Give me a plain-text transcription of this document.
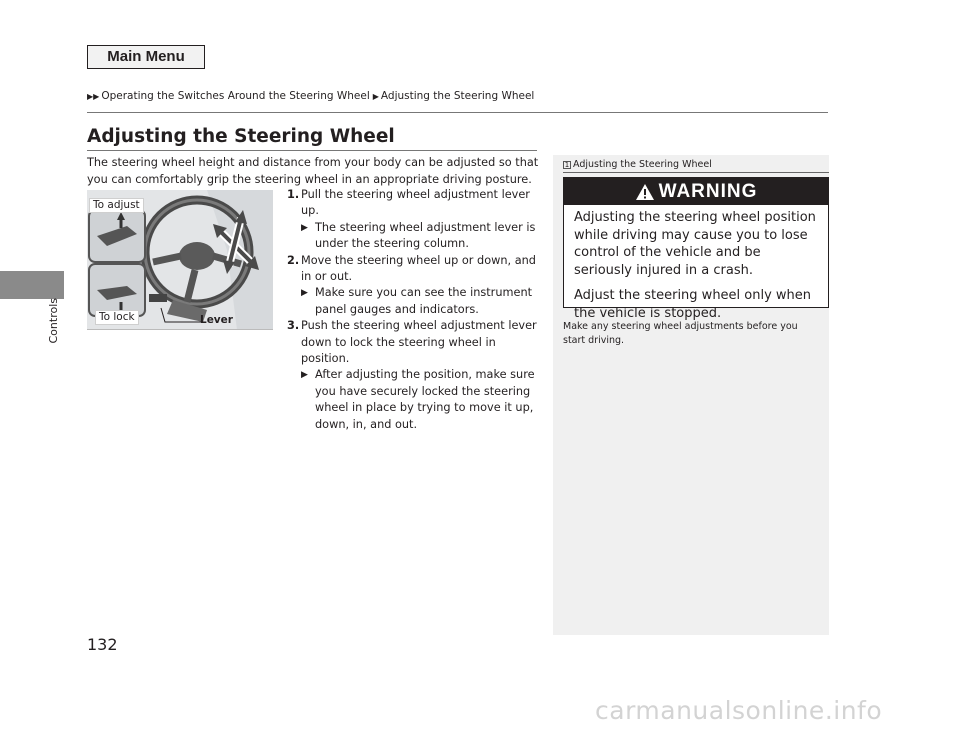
Main Menu
▶▶ Operating the Switches Around the Steering Wheel ▶ Adjusting the Steering Wheel
Controls
132
Adjusting the Steering Wheel

The steering wheel height and distance from your body can be adjusted so that you can comfortably grip the steering wheel in an appropriate driving posture.

To adjust
To lock	Lever
1. Pull the steering wheel adjustment lever up.
▶ The steering wheel adjustment lever is under the steering column.
2. Move the steering wheel up or down, and in or out.
▶ Make sure you can see the instrument panel gauges and indicators.
3. Push the steering wheel adjustment lever down to lock the steering wheel in position.
▶ After adjusting the position, make sure you have securely locked the steering wheel in place by trying to move it up, down, in, and out.
1 Adjusting the Steering Wheel
WARNING

Adjusting the steering wheel position while driving may cause you to lose control of the vehicle and be seriously injured in a crash.

Adjust the steering wheel only when the vehicle is stopped.

Make any steering wheel adjustments before you start driving.

carmanualsonline.info
